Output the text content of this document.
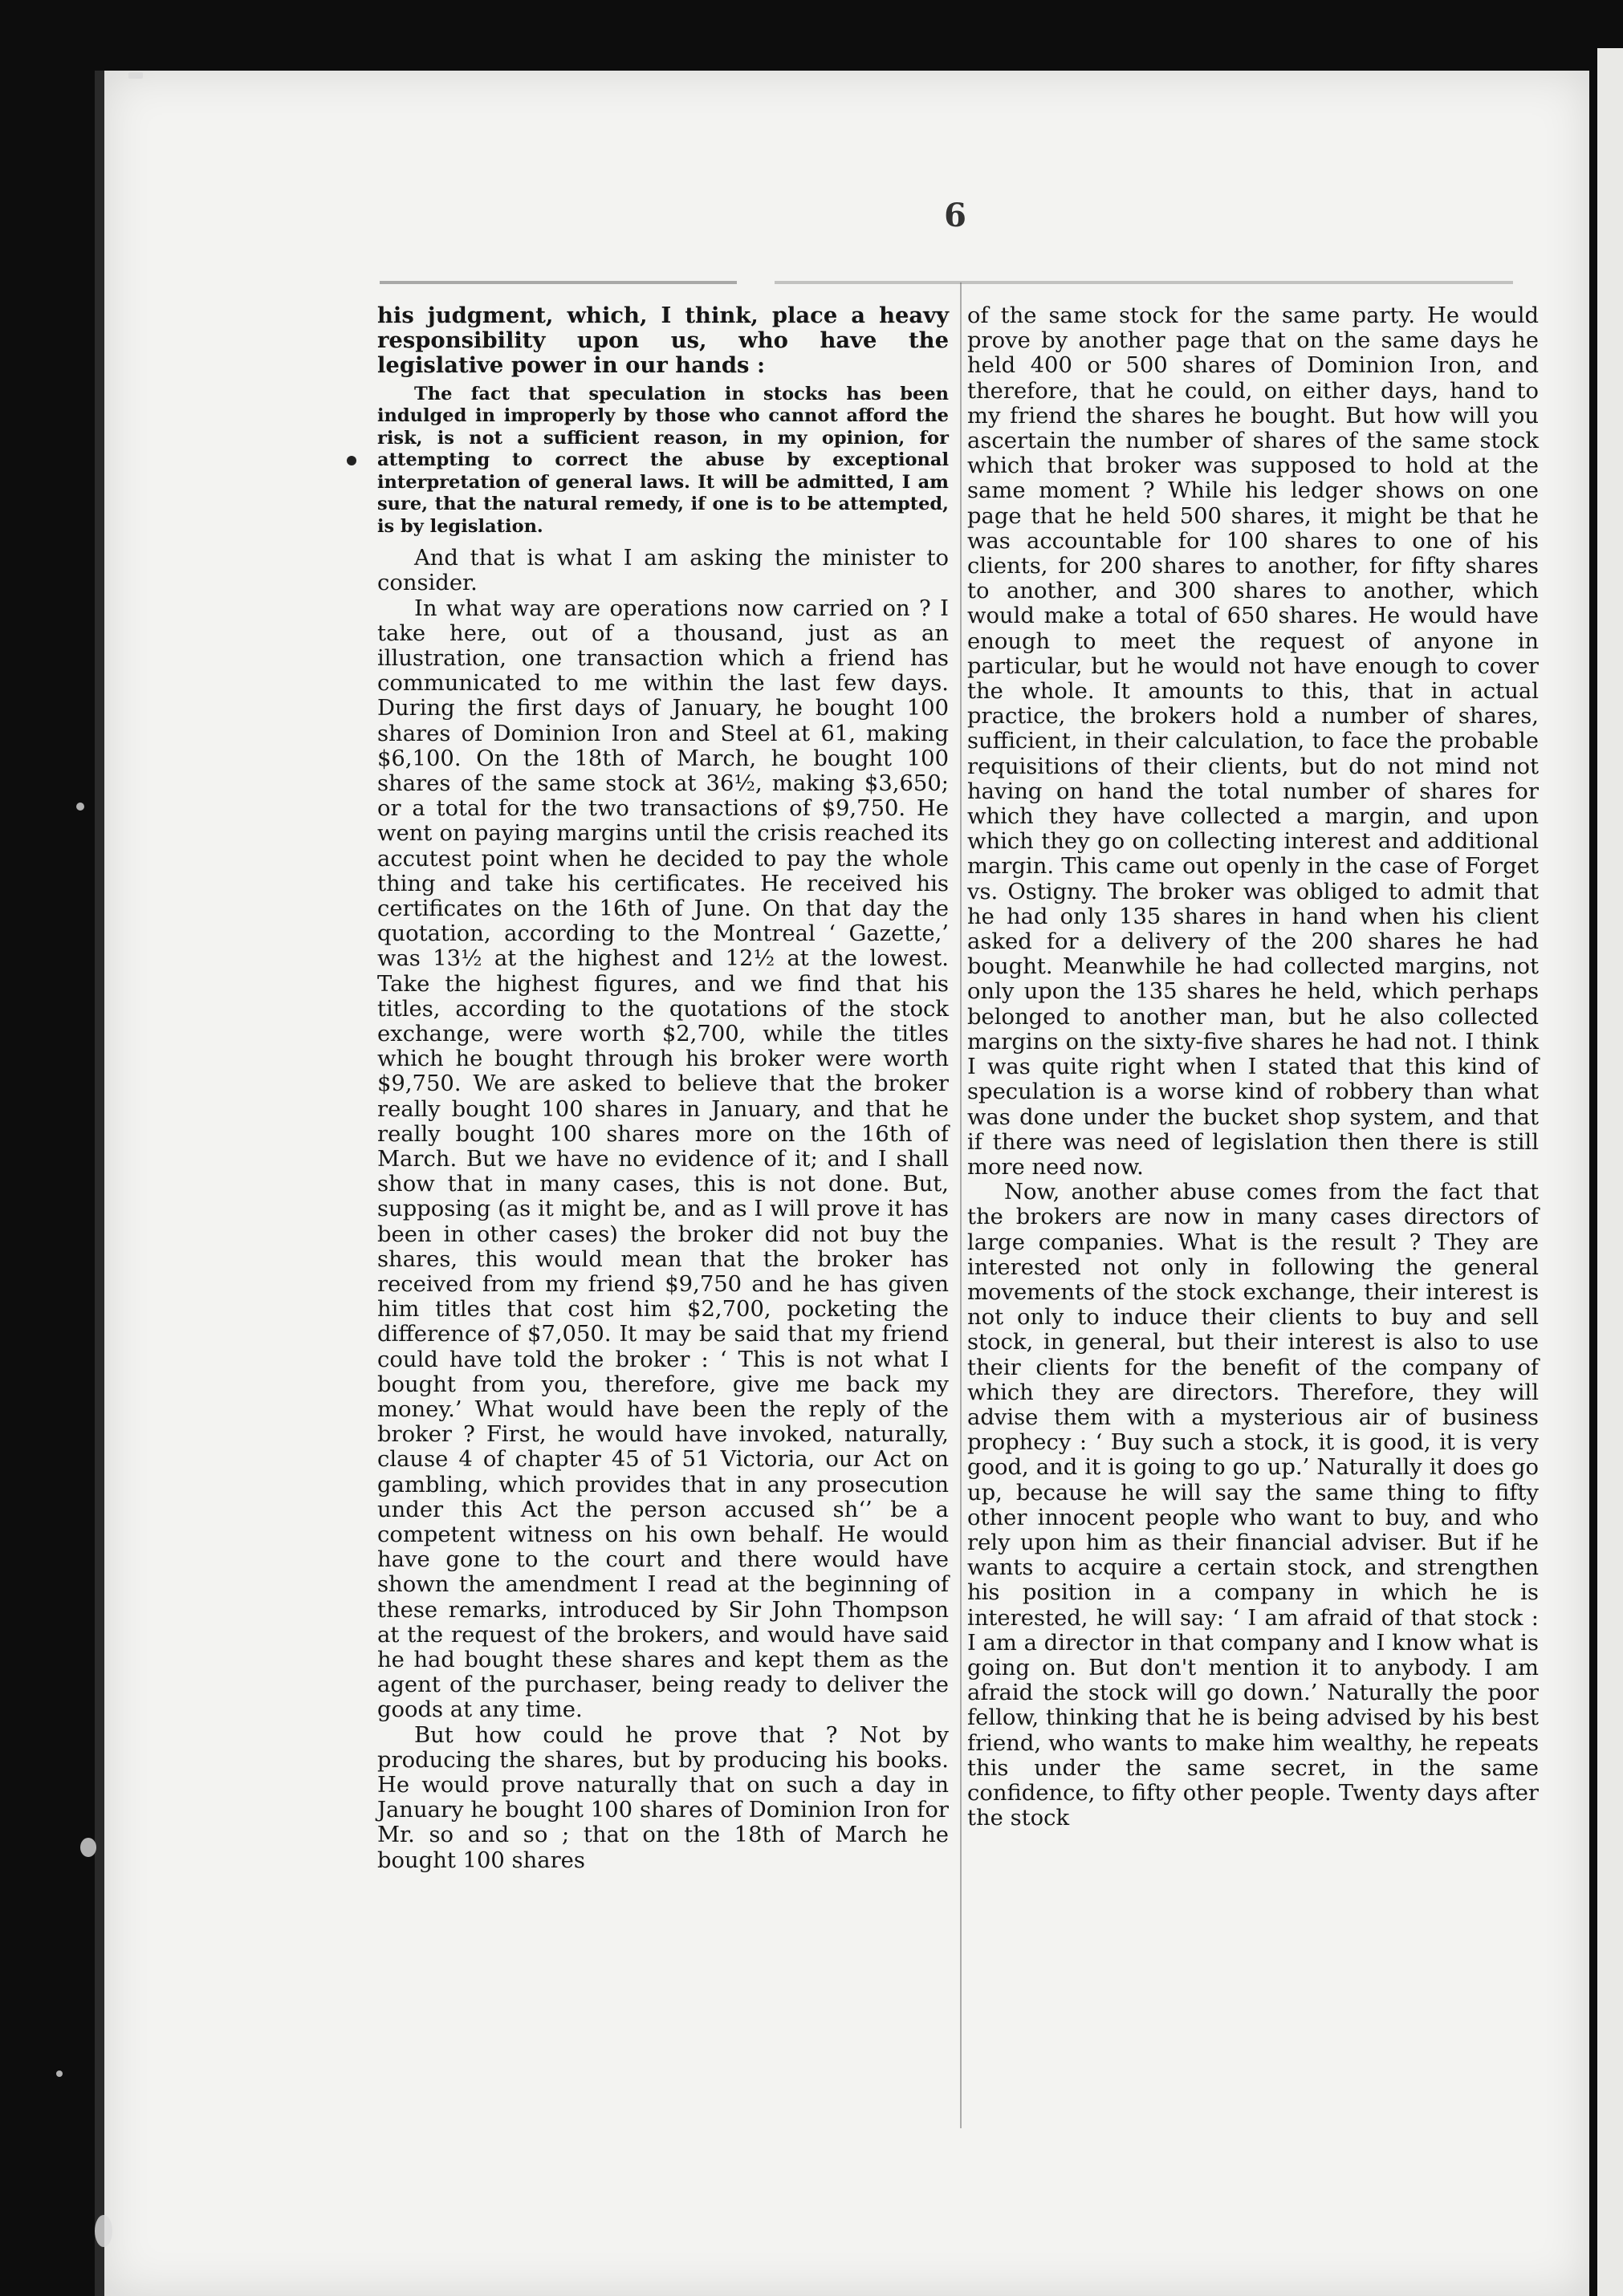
6

his judgment, which, I think, place a heavy responsibility upon us, who have the legislative power in our hands :

The fact that speculation in stocks has been indulged in improperly by those who cannot afford the risk, is not a sufficient reason, in my opinion, for attempting to correct the abuse by exceptional interpretation of general laws. It will be admitted, I am sure, that the natural remedy, if one is to be attempted, is by legislation.

And that is what I am asking the minister to consider.

In what way are operations now carried on ? I take here, out of a thousand, just as an illustration, one transaction which a friend has communicated to me within the last few days. During the first days of January, he bought 100 shares of Dominion Iron and Steel at 61, making $6,100. On the 18th of March, he bought 100 shares of the same stock at 36½, making $3,650; or a total for the two transactions of $9,750. He went on paying margins until the crisis reached its accutest point when he decided to pay the whole thing and take his certificates. He received his certificates on the 16th of June. On that day the quotation, according to the Montreal ‘ Gazette,’ was 13½ at the highest and 12½ at the lowest. Take the highest figures, and we find that his titles, according to the quotations of the stock exchange, were worth $2,700, while the titles which he bought through his broker were worth $9,750. We are asked to believe that the broker really bought 100 shares in January, and that he really bought 100 shares more on the 16th of March. But we have no evidence of it; and I shall show that in many cases, this is not done. But, supposing (as it might be, and as I will prove it has been in other cases) the broker did not buy the shares, this would mean that the broker has received from my friend $9,750 and he has given him titles that cost him $2,700, pocketing the difference of $7,050. It may be said that my friend could have told the broker : ‘ This is not what I bought from you, therefore, give me back my money.’ What would have been the reply of the broker ? First, he would have invoked, naturally, clause 4 of chapter 45 of 51 Victoria, our Act on gambling, which provides that in any prosecution under this Act the person accused sh‘’ be a competent witness on his own behalf. He would have gone to the court and there would have shown the amendment I read at the beginning of these remarks, introduced by Sir John Thompson at the request of the brokers, and would have said he had bought these shares and kept them as the agent of the purchaser, being ready to deliver the goods at any time.

But how could he prove that ? Not by producing the shares, but by producing his books. He would prove naturally that on such a day in January he bought 100 shares of Dominion Iron for Mr. so and so ; that on the 18th of March he bought 100 shares

of the same stock for the same party. He would prove by another page that on the same days he held 400 or 500 shares of Dominion Iron, and therefore, that he could, on either days, hand to my friend the shares he bought. But how will you ascertain the number of shares of the same stock which that broker was supposed to hold at the same moment ? While his ledger shows on one page that he held 500 shares, it might be that he was accountable for 100 shares to one of his clients, for 200 shares to another, for fifty shares to another, and 300 shares to another, which would make a total of 650 shares. He would have enough to meet the request of anyone in particular, but he would not have enough to cover the whole. It amounts to this, that in actual practice, the brokers hold a number of shares, sufficient, in their calculation, to face the probable requisitions of their clients, but do not mind not having on hand the total number of shares for which they have collected a margin, and upon which they go on collecting interest and additional margin. This came out openly in the case of Forget vs. Ostigny. The broker was obliged to admit that he had only 135 shares in hand when his client asked for a delivery of the 200 shares he had bought. Meanwhile he had collected margins, not only upon the 135 shares he held, which perhaps belonged to another man, but he also collected margins on the sixty-five shares he had not. I think I was quite right when I stated that this kind of speculation is a worse kind of robbery than what was done under the bucket shop system, and that if there was need of legislation then there is still more need now.

Now, another abuse comes from the fact that the brokers are now in many cases directors of large companies. What is the result ? They are interested not only in following the general movements of the stock exchange, their interest is not only to induce their clients to buy and sell stock, in general, but their interest is also to use their clients for the benefit of the company of which they are directors. Therefore, they will advise them with a mysterious air of business prophecy : ‘ Buy such a stock, it is good, it is very good, and it is going to go up.’ Naturally it does go up, because he will say the same thing to fifty other innocent people who want to buy, and who rely upon him as their financial adviser. But if he wants to acquire a certain stock, and strengthen his position in a company in which he is interested, he will say: ‘ I am afraid of that stock : I am a director in that company and I know what is going on. But don't mention it to anybody. I am afraid the stock will go down.’ Naturally the poor fellow, thinking that he is being advised by his best friend, who wants to make him wealthy, he repeats this under the same secret, in the same confidence, to fifty other people. Twenty days after the stock
